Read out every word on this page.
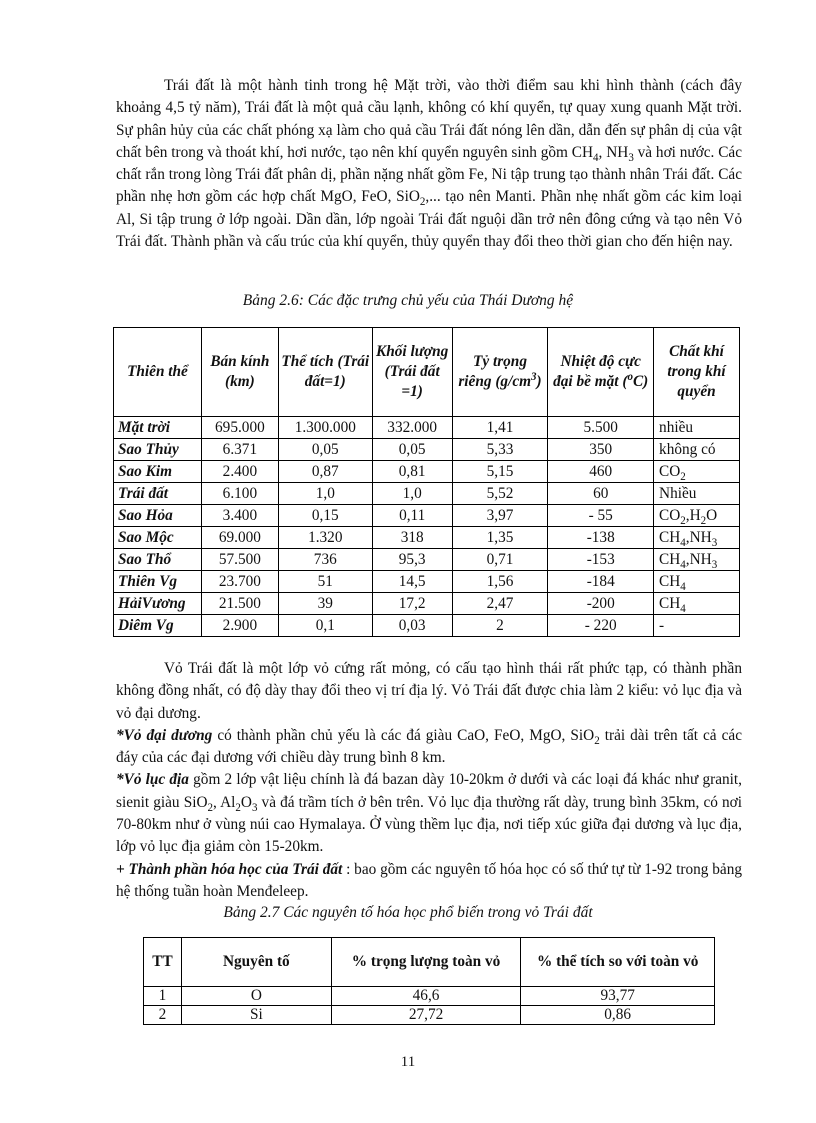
Trái đất là một hành tinh trong hệ Mặt trời, vào thời điểm sau khi hình thành (cách đây khoảng 4,5 tỷ năm), Trái đất là một quả cầu lạnh, không có khí quyển, tự quay xung quanh Mặt trời. Sự phân hủy của các chất phóng xạ làm cho quả cầu Trái đất nóng lên dần, dẫn đến sự phân dị của vật chất bên trong và thoát khí, hơi nước, tạo nên khí quyển nguyên sinh gồm $CH_4$, $NH_3$ và hơi nước. Các chất rắn trong lòng Trái đất phân dị, phần nặng nhất gồm Fe, Ni tập trung tạo thành nhân Trái đất. Các phần nhẹ hơn gồm các hợp chất MgO, FeO, SiO$_2$,... tạo nên Manti. Phần nhẹ nhất gồm các kim loại Al, Si tập trung ở lớp ngoài. Dần dần, lớp ngoài Trái đất nguội dần trở nên đông cứng và tạo nên Vỏ Trái đất. Thành phần và cấu trúc của khí quyển, thủy quyển thay đổi theo thời gian cho đến hiện nay.

Bảng 2.6: Các đặc trưng chủ yếu của Thái Dương hệ

Thiên thể	Bán kính (km)	Thể tích (Trái đất=1)	Khối lượng (Trái đất =1)	Tỷ trọng riêng $(g/cm^3)$	Nhiệt độ cực đại bề mặt ($^o$C)	Chất khí trong khí quyển
Mặt trời	695.000	1.300.000	332.000	1,41	5.500	nhiều
Sao Thủy	6.371	0,05	0,05	5,33	350	không có
Sao Kim	2.400	0,87	0,81	5,15	460	$CO_2$
Trái đất	6.100	1,0	1,0	5,52	60	Nhiều
Sao Hỏa	3.400	0,15	0,11	3,97	- 55	$CO_2,H_2O$
Sao Mộc	69.000	1.320	318	1,35	-138	$CH_4,NH_3$
Sao Thổ	57.500	736	95,3	0,71	-153	$CH_4,NH_3$
Thiên Vg	23.700	51	14,5	1,56	-184	$CH_4$
HảiVương	21.500	39	17,2	2,47	-200	$CH_4$
Diêm Vg	2.900	0,1	0,03	2	- 220	-
Vỏ Trái đất là một lớp vỏ cứng rất mỏng, có cấu tạo hình thái rất phức tạp, có thành phần không đồng nhất, có độ dày thay đổi theo vị trí địa lý. Vỏ Trái đất được chia làm 2 kiểu: vỏ lục địa và vỏ đại dương.
*Vỏ đại dương có thành phần chủ yếu là các đá giàu CaO, FeO, MgO, SiO$_2$ trải dài trên tất cả các đáy của các đại dương với chiều dày trung bình 8 km.
*Vỏ lục địa gồm 2 lớp vật liệu chính là đá bazan dày 10-20km ở dưới và các loại đá khác như granit, sienit giàu SiO$_2$, $Al_2O_3$ và đá trầm tích ở bên trên. Vỏ lục địa thường rất dày, trung bình 35km, có nơi 70-80km như ở vùng núi cao Hymalaya. Ở vùng thềm lục địa, nơi tiếp xúc giữa đại dương và lục địa, lớp vỏ lục địa giảm còn 15-20km.
+ Thành phần hóa học của Trái đất : bao gồm các nguyên tố hóa học có số thứ tự từ 1-92 trong bảng hệ thống tuần hoàn Menđeleep.

Bảng 2.7 Các nguyên tố hóa học phổ biến trong vỏ Trái đất

TT	Nguyên tố	% trọng lượng toàn vỏ	% thể tích so với toàn vỏ
1	O	46,6	93,77
2	Si	27,72	0,86
11
